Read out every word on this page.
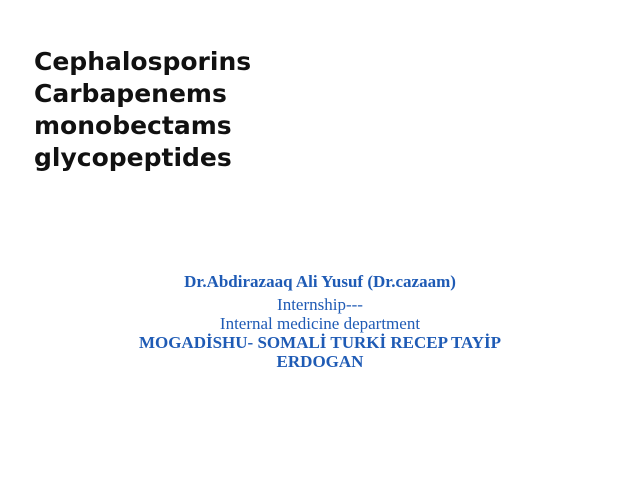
Cephalosporins
Carbapenems
monobectams
glycopeptides
Dr.Abdirazaaq Ali Yusuf (Dr.cazaam)
Internship---
Internal medicine department
MOGADİSHU- SOMALİ TURKİ RECEP TAYİP
ERDOGAN
